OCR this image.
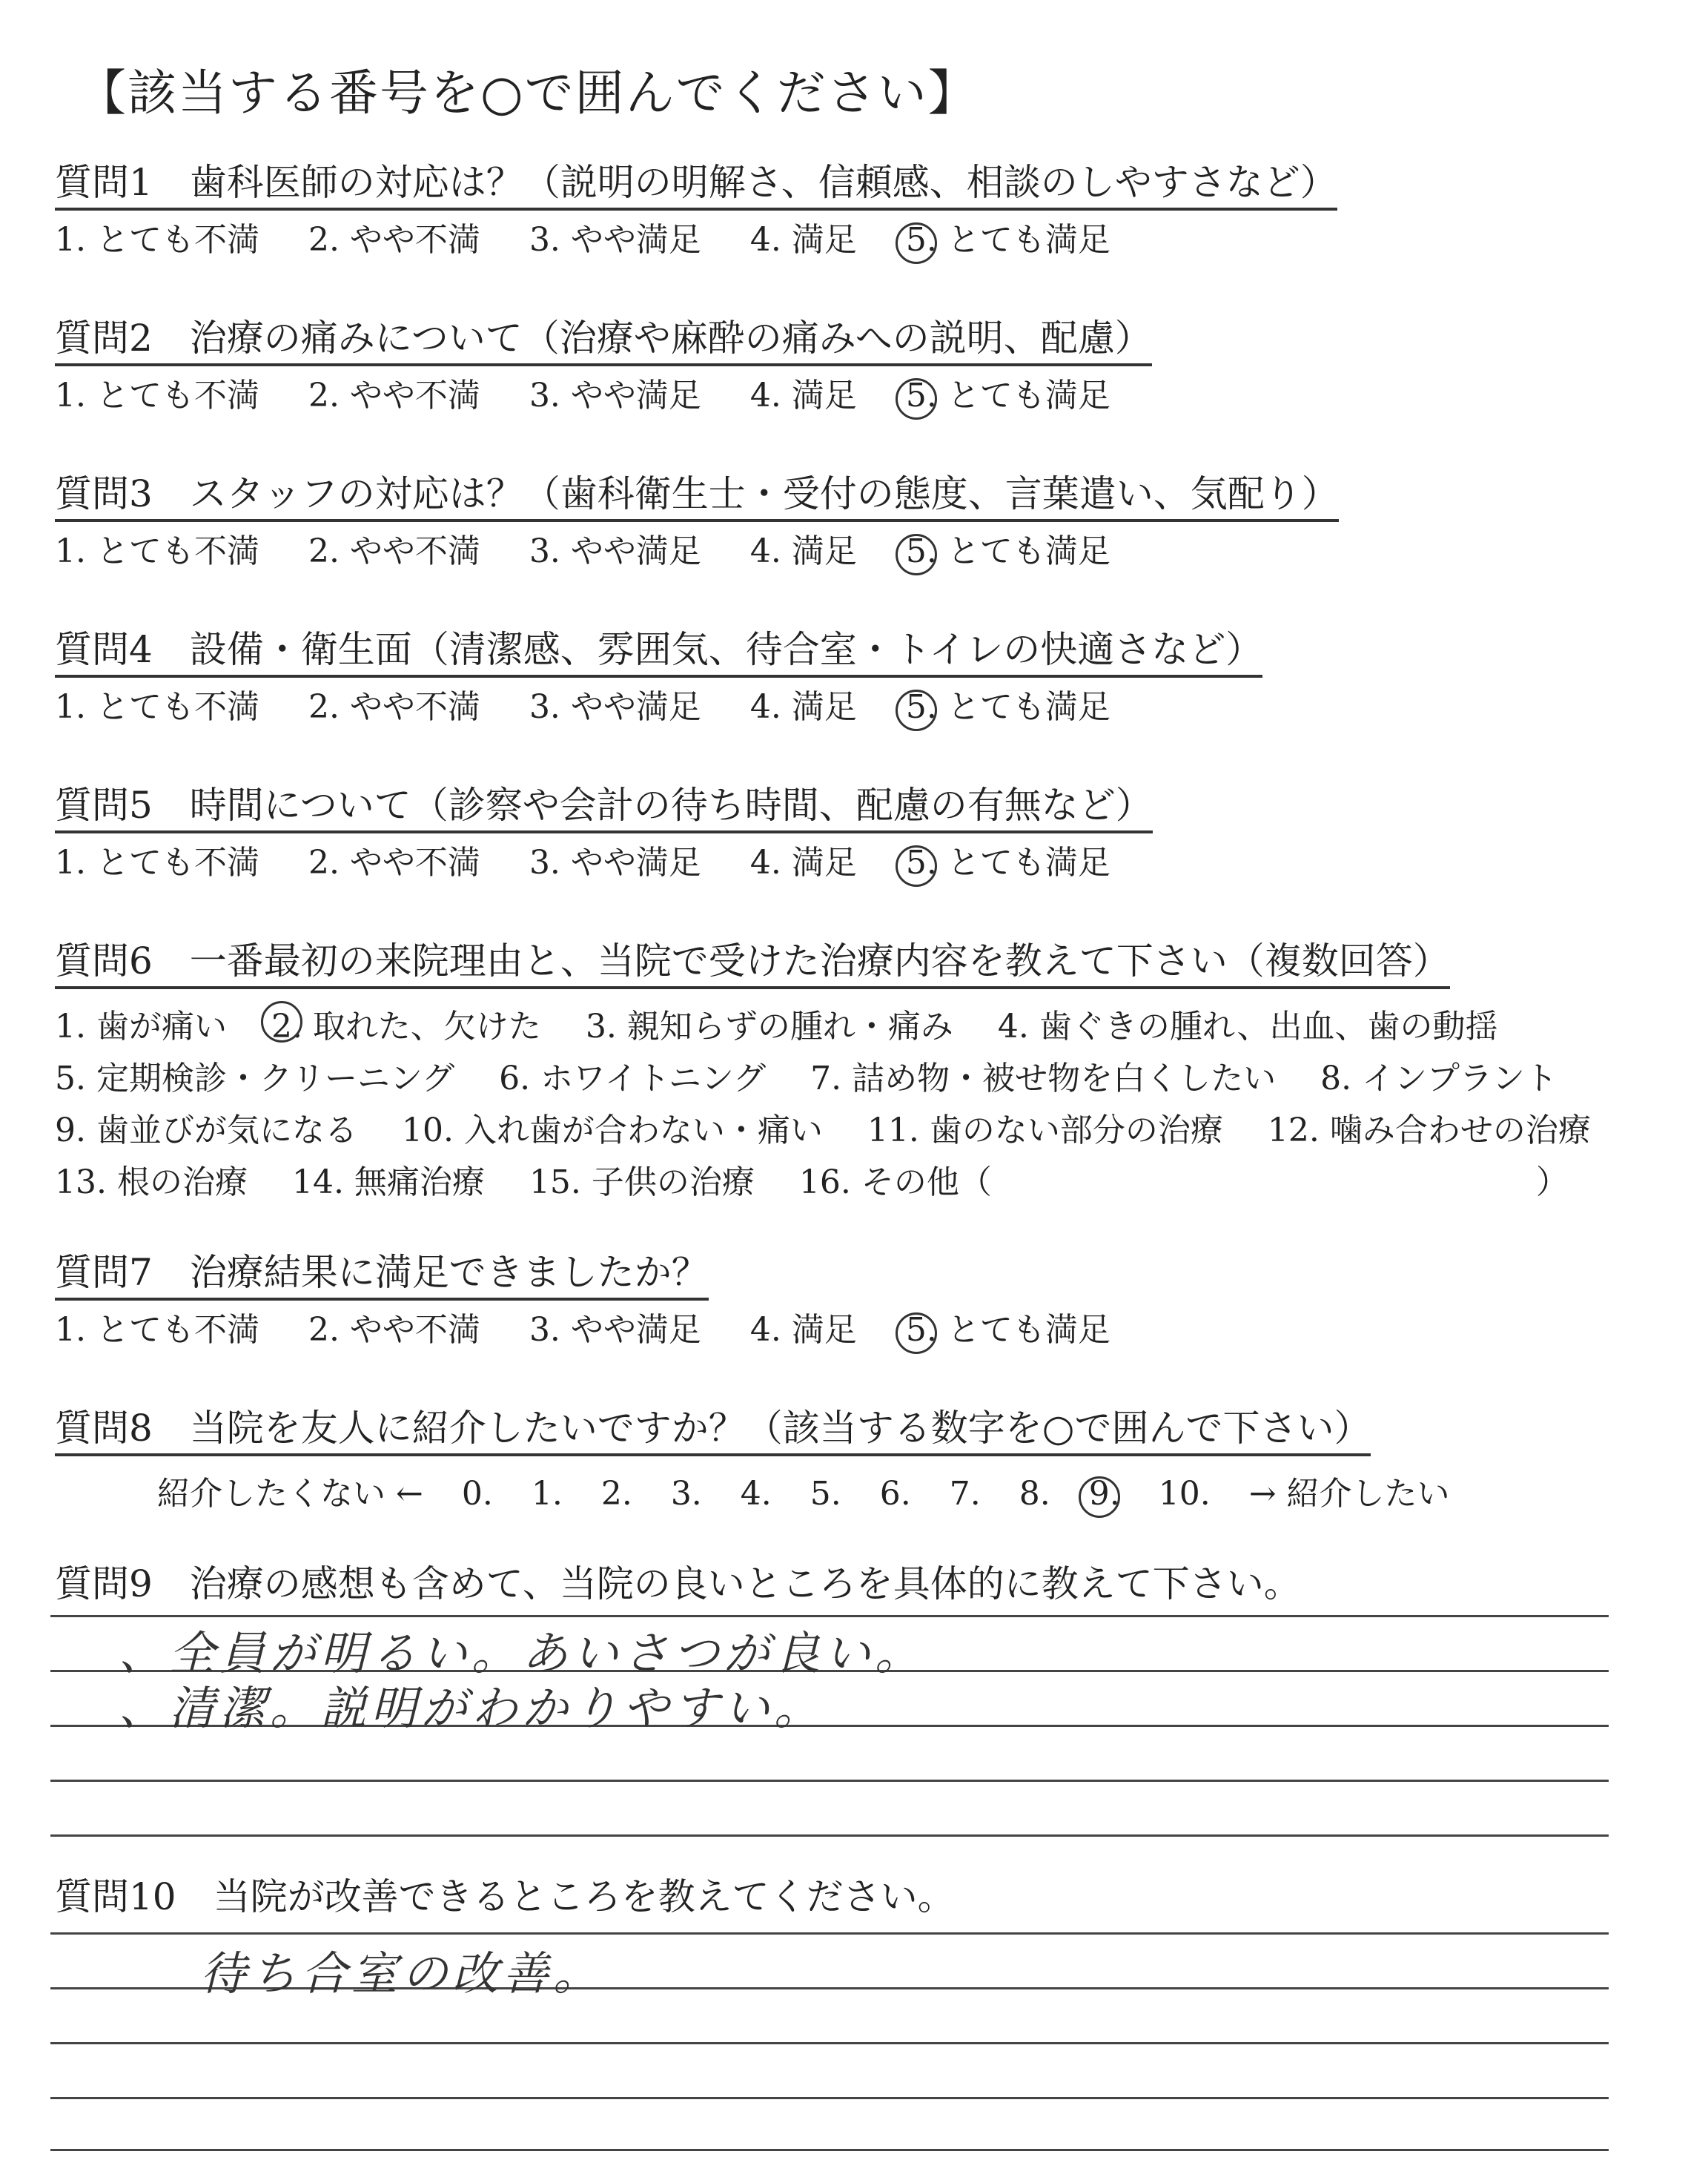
【該当する番号を○で囲んでください】
質問1　歯科医師の対応は？（説明の明解さ、信頼感、相談のしやすさなど）
1. とても不満 2. やや不満 3. やや満足 4. 満足 5. とても満足
質問2　治療の痛みについて（治療や麻酔の痛みへの説明、配慮）
1. とても不満 2. やや不満 3. やや満足 4. 満足 5. とても満足
質問3　スタッフの対応は？（歯科衛生士・受付の態度、言葉遣い、気配り）
1. とても不満 2. やや不満 3. やや満足 4. 満足 5. とても満足
質問4　設備・衛生面（清潔感、雰囲気、待合室・トイレの快適さなど）
1. とても不満 2. やや不満 3. やや満足 4. 満足 5. とても満足
質問5　時間について（診察や会計の待ち時間、配慮の有無など）
1. とても不満 2. やや不満 3. やや満足 4. 満足 5. とても満足
質問6　一番最初の来院理由と、当院で受けた治療内容を教えて下さい（複数回答）
1. 歯が痛い 2. 取れた、欠けた 3. 親知らずの腫れ・痛み 4. 歯ぐきの腫れ、出血、歯の動揺
5. 定期検診・クリーニング 6. ホワイトニング 7. 詰め物・被せ物を白くしたい 8. インプラント
9. 歯並びが気になる 10. 入れ歯が合わない・痛い 11. 歯のない部分の治療 12. 噛み合わせの治療
13. 根の治療 14. 無痛治療 15. 子供の治療 16. その他（	）
質問7　治療結果に満足できましたか？
1. とても不満 2. やや不満 3. やや満足 4. 満足 5. とても満足
質問8　当院を友人に紹介したいですか？（該当する数字を○で囲んで下さい）
紹介したくない ← 0. 1. 2. 3. 4. 5. 6. 7. 8. 9. 10. → 紹介したい
質問9　治療の感想も含めて、当院の良いところを具体的に教えて下さい。
、全員が明るい。あいさつが良い。
、清潔。説明がわかりやすい。
質問10　当院が改善できるところを教えてください。
待ち合室の改善。
